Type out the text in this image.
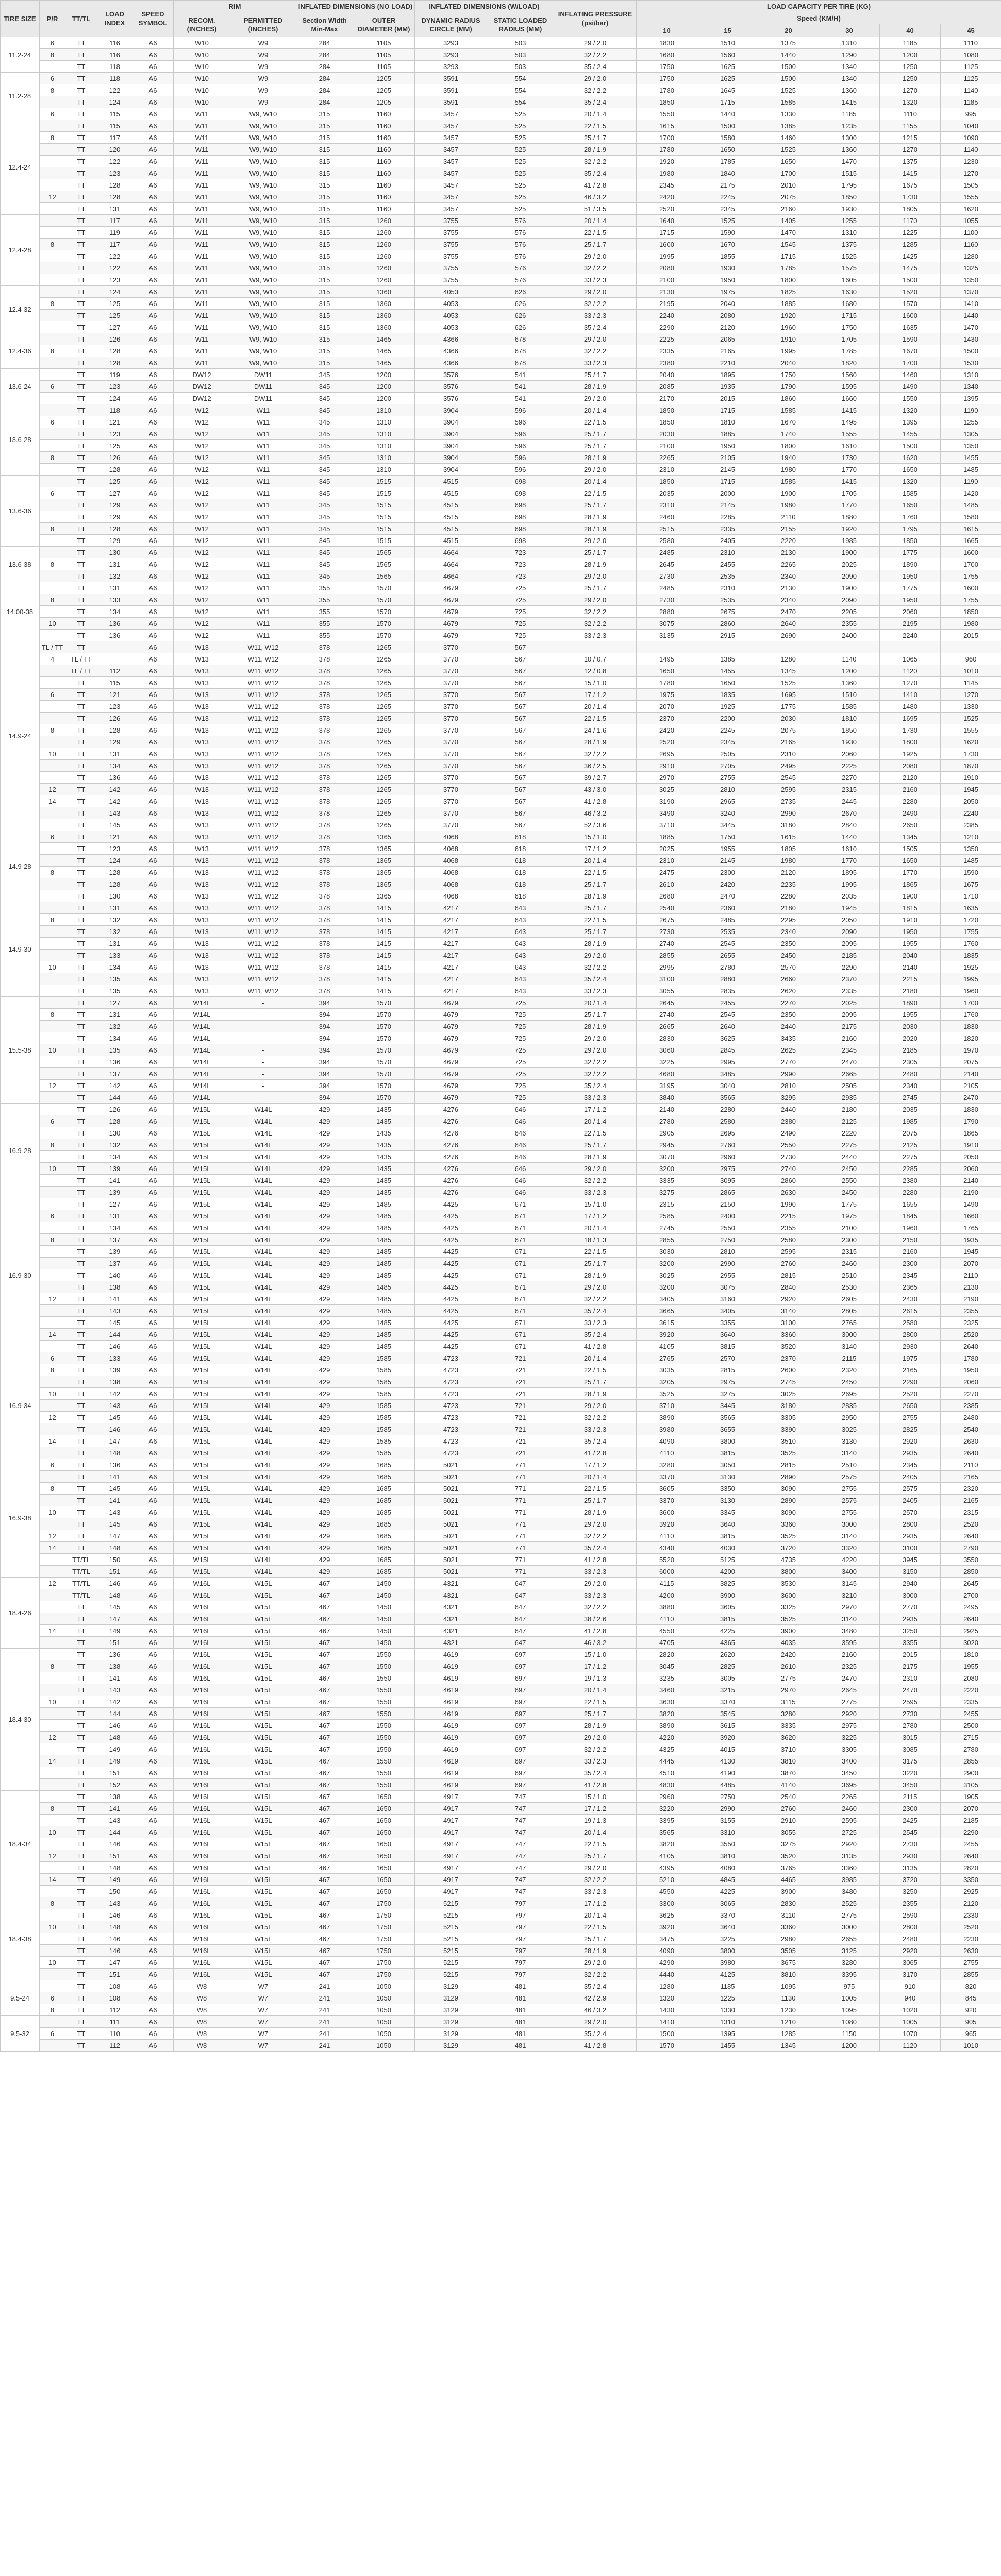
TIRE SIZE	P/R	TT/TL	LOAD INDEX	SPEED SYMBOL	RIM		INFLATED DIMENSIONS (NO LOAD)		INFLATED DIMENSIONS (W/LOAD)		INFLATING PRESSURE (psi/bar)	LOAD CAPACITY PER TIRE (KG)					
					RECOM. (INCHES)	PERMITTED (INCHES)	Section Width Min-Max	OUTER DIAMETER (MM)	DYNAMIC RADIUS CIRCLE (MM)	STATIC LOADED RADIUS (MM)		Speed (KM/H)					
												10	15	20	30	40	45
11.2-24	6	TT	116	A6	W10	W9	284	1105	3293	503	29 / 2.0	1830	1510	1375	1310	1185	1110
	8	TT	116	A6	W10	W9	284	1105	3293	503	32 / 2.2	1680	1560	1440	1290	1200	1080
		TT	118	A6	W10	W9	284	1105	3293	503	35 / 2.4	1750	1625	1500	1340	1250	1125
11.2-28	6	TT	118	A6	W10	W9	284	1205	3591	554	29 / 2.0	1750	1625	1500	1340	1250	1125
	8	TT	122	A6	W10	W9	284	1205	3591	554	32 / 2.2	1780	1645	1525	1360	1270	1140
		TT	124	A6	W10	W9	284	1205	3591	554	35 / 2.4	1850	1715	1585	1415	1320	1185
	6	TT	115	A6	W11	W9, W10	315	1160	3457	525	20 / 1.4	1550	1440	1330	1185	1110	995
12.4-24		TT	115	A6	W11	W9, W10	315	1160	3457	525	22 / 1.5	1615	1500	1385	1235	1155	1040
	8	TT	117	A6	W11	W9, W10	315	1160	3457	525	25 / 1.7	1700	1580	1460	1300	1215	1090
		TT	120	A6	W11	W9, W10	315	1160	3457	525	28 / 1.9	1780	1650	1525	1360	1270	1140
		TT	122	A6	W11	W9, W10	315	1160	3457	525	32 / 2.2	1920	1785	1650	1470	1375	1230
		TT	123	A6	W11	W9, W10	315	1160	3457	525	35 / 2.4	1980	1840	1700	1515	1415	1270
		TT	128	A6	W11	W9, W10	315	1160	3457	525	41 / 2.8	2345	2175	2010	1795	1675	1505
	12	TT	128	A6	W11	W9, W10	315	1160	3457	525	46 / 3.2	2420	2245	2075	1850	1730	1555
		TT	131	A6	W11	W9, W10	315	1160	3457	525	51 / 3.5	2520	2345	2160	1930	1805	1620
12.4-28		TT	117	A6	W11	W9, W10	315	1260	3755	576	20 / 1.4	1640	1525	1405	1255	1170	1055
		TT	119	A6	W11	W9, W10	315	1260	3755	576	22 / 1.5	1715	1590	1470	1310	1225	1100
	8	TT	117	A6	W11	W9, W10	315	1260	3755	576	25 / 1.7	1600	1670	1545	1375	1285	1160
		TT	122	A6	W11	W9, W10	315	1260	3755	576	29 / 2.0	1995	1855	1715	1525	1425	1280
		TT	122	A6	W11	W9, W10	315	1260	3755	576	32 / 2.2	2080	1930	1785	1575	1475	1325
		TT	123	A6	W11	W9, W10	315	1260	3755	576	33 / 2.3	2100	1950	1800	1605	1500	1350
12.4-32		TT	124	A6	W11	W9, W10	315	1360	4053	626	29 / 2.0	2130	1975	1825	1630	1520	1370
	8	TT	125	A6	W11	W9, W10	315	1360	4053	626	32 / 2.2	2195	2040	1885	1680	1570	1410
		TT	125	A6	W11	W9, W10	315	1360	4053	626	33 / 2.3	2240	2080	1920	1715	1600	1440
		TT	127	A6	W11	W9, W10	315	1360	4053	626	35 / 2.4	2290	2120	1960	1750	1635	1470
12.4-36		TT	126	A6	W11	W9, W10	315	1465	4366	678	29 / 2.0	2225	2065	1910	1705	1590	1430
	8	TT	128	A6	W11	W9, W10	315	1465	4366	678	32 / 2.2	2335	2165	1995	1785	1670	1500
		TT	128	A6	W11	W9, W10	315	1465	4366	678	33 / 2.3	2380	2210	2040	1820	1700	1530
13.6-24		TT	119	A6	DW12	DW11	345	1200	3576	541	25 / 1.7	2040	1895	1750	1560	1460	1310
	6	TT	123	A6	DW12	DW11	345	1200	3576	541	28 / 1.9	2085	1935	1790	1595	1490	1340
		TT	124	A6	DW12	DW11	345	1200	3576	541	29 / 2.0	2170	2015	1860	1660	1550	1395
13.6-28		TT	118	A6	W12	W11	345	1310	3904	596	20 / 1.4	1850	1715	1585	1415	1320	1190
	6	TT	121	A6	W12	W11	345	1310	3904	596	22 / 1.5	1850	1810	1670	1495	1395	1255
		TT	123	A6	W12	W11	345	1310	3904	596	25 / 1.7	2030	1885	1740	1555	1455	1305
		TT	125	A6	W12	W11	345	1310	3904	596	25 / 1.7	2100	1950	1800	1610	1500	1350
	8	TT	126	A6	W12	W11	345	1310	3904	596	28 / 1.9	2265	2105	1940	1730	1620	1455
		TT	128	A6	W12	W11	345	1310	3904	596	29 / 2.0	2310	2145	1980	1770	1650	1485
13.6-36		TT	125	A6	W12	W11	345	1515	4515	698	20 / 1.4	1850	1715	1585	1415	1320	1190
	6	TT	127	A6	W12	W11	345	1515	4515	698	22 / 1.5	2035	2000	1900	1705	1585	1420
		TT	129	A6	W12	W11	345	1515	4515	698	25 / 1.7	2310	2145	1980	1770	1650	1485
		TT	129	A6	W12	W11	345	1515	4515	698	28 / 1.9	2460	2285	2110	1880	1760	1580
	8	TT	128	A6	W12	W11	345	1515	4515	698	28 / 1.9	2515	2335	2155	1920	1795	1615
		TT	129	A6	W12	W11	345	1515	4515	698	29 / 2.0	2580	2405	2220	1985	1850	1665
13.6-38		TT	130	A6	W12	W11	345	1565	4664	723	25 / 1.7	2485	2310	2130	1900	1775	1600
	8	TT	131	A6	W12	W11	345	1565	4664	723	28 / 1.9	2645	2455	2265	2025	1890	1700
		TT	132	A6	W12	W11	345	1565	4664	723	29 / 2.0	2730	2535	2340	2090	1950	1755
14.00-38		TT	131	A6	W12	W11	355	1570	4679	725	25 / 1.7	2485	2310	2130	1900	1775	1600
	8	TT	133	A6	W12	W11	355	1570	4679	725	29 / 2.0	2730	2535	2340	2090	1950	1755
		TT	134	A6	W12	W11	355	1570	4679	725	32 / 2.2	2880	2675	2470	2205	2060	1850
	10	TT	136	A6	W12	W11	355	1570	4679	725	32 / 2.2	3075	2860	2640	2355	2195	1980
		TT	136	A6	W12	W11	355	1570	4679	725	33 / 2.3	3135	2915	2690	2400	2240	2015
14.9-24	TL / TT	TT		A6	W13	W11, W12	378	1265	3770	567							
	4	TL / TT		A6	W13	W11, W12	378	1265	3770	567	10 / 0.7	1495	1385	1280	1140	1065	960
		TL / TT	112	A6	W13	W11, W12	378	1265	3770	567	12 / 0.8	1650	1455	1345	1200	1120	1010
		TT	115	A6	W13	W11, W12	378	1265	3770	567	15 / 1.0	1780	1650	1525	1360	1270	1145
	6	TT	121	A6	W13	W11, W12	378	1265	3770	567	17 / 1.2	1975	1835	1695	1510	1410	1270
		TT	123	A6	W13	W11, W12	378	1265	3770	567	20 / 1.4	2070	1925	1775	1585	1480	1330
		TT	126	A6	W13	W11, W12	378	1265	3770	567	22 / 1.5	2370	2200	2030	1810	1695	1525
	8	TT	128	A6	W13	W11, W12	378	1265	3770	567	24 / 1.6	2420	2245	2075	1850	1730	1555
		TT	129	A6	W13	W11, W12	378	1265	3770	567	28 / 1.9	2520	2345	2165	1930	1800	1620
	10	TT	131	A6	W13	W11, W12	378	1265	3770	567	32 / 2.2	2695	2505	2310	2060	1925	1730
		TT	134	A6	W13	W11, W12	378	1265	3770	567	36 / 2.5	2910	2705	2495	2225	2080	1870
		TT	136	A6	W13	W11, W12	378	1265	3770	567	39 / 2.7	2970	2755	2545	2270	2120	1910
	12	TT	142	A6	W13	W11, W12	378	1265	3770	567	43 / 3.0	3025	2810	2595	2315	2160	1945
	14	TT	142	A6	W13	W11, W12	378	1265	3770	567	41 / 2.8	3190	2965	2735	2445	2280	2050
		TT	143	A6	W13	W11, W12	378	1265	3770	567	46 / 3.2	3490	3240	2990	2670	2490	2240
		TT	145	A6	W13	W11, W12	378	1265	3770	567	52 / 3.6	3710	3445	3180	2840	2650	2385
14.9-28	6	TT	121	A6	W13	W11, W12	378	1365	4068	618	15 / 1.0	1885	1750	1615	1440	1345	1210
		TT	123	A6	W13	W11, W12	378	1365	4068	618	17 / 1.2	2025	1955	1805	1610	1505	1350
		TT	124	A6	W13	W11, W12	378	1365	4068	618	20 / 1.4	2310	2145	1980	1770	1650	1485
	8	TT	128	A6	W13	W11, W12	378	1365	4068	618	22 / 1.5	2475	2300	2120	1895	1770	1590
		TT	128	A6	W13	W11, W12	378	1365	4068	618	25 / 1.7	2610	2420	2235	1995	1865	1675
		TT	130	A6	W13	W11, W12	378	1365	4068	618	28 / 1.9	2680	2470	2280	2035	1900	1710
14.9-30		TT	131	A6	W13	W11, W12	378	1415	4217	643	25 / 1.7	2540	2360	2180	1945	1815	1635
	8	TT	132	A6	W13	W11, W12	378	1415	4217	643	22 / 1.5	2675	2485	2295	2050	1910	1720
		TT	132	A6	W13	W11, W12	378	1415	4217	643	25 / 1.7	2730	2535	2340	2090	1950	1755
		TT	131	A6	W13	W11, W12	378	1415	4217	643	28 / 1.9	2740	2545	2350	2095	1955	1760
		TT	133	A6	W13	W11, W12	378	1415	4217	643	29 / 2.0	2855	2655	2450	2185	2040	1835
	10	TT	134	A6	W13	W11, W12	378	1415	4217	643	32 / 2.2	2995	2780	2570	2290	2140	1925
		TT	135	A6	W13	W11, W12	378	1415	4217	643	35 / 2.4	3100	2880	2660	2370	2215	1995
		TT	135	A6	W13	W11, W12	378	1415	4217	643	33 / 2.3	3055	2835	2620	2335	2180	1960
15.5-38		TT	127	A6	W14L	-	394	1570	4679	725	20 / 1.4	2645	2455	2270	2025	1890	1700
	8	TT	131	A6	W14L	-	394	1570	4679	725	25 / 1.7	2740	2545	2350	2095	1955	1760
		TT	132	A6	W14L	-	394	1570	4679	725	28 / 1.9	2665	2640	2440	2175	2030	1830
		TT	134	A6	W14L	-	394	1570	4679	725	29 / 2.0	2830	3625	3435	2160	2020	1820
	10	TT	135	A6	W14L	-	394	1570	4679	725	29 / 2.0	3060	2845	2625	2345	2185	1970
		TT	136	A6	W14L	-	394	1570	4679	725	32 / 2.2	3225	2995	2770	2470	2305	2075
		TT	137	A6	W14L	-	394	1570	4679	725	32 / 2.2	4680	3485	2990	2665	2480	2140
	12	TT	142	A6	W14L	-	394	1570	4679	725	35 / 2.4	3195	3040	2810	2505	2340	2105
		TT	144	A6	W14L	-	394	1570	4679	725	33 / 2.3	3840	3565	3295	2935	2745	2470
16.9-28		TT	126	A6	W15L	W14L	429	1435	4276	646	17 / 1.2	2140	2280	2440	2180	2035	1830
	6	TT	128	A6	W15L	W14L	429	1435	4276	646	20 / 1.4	2780	2580	2380	2125	1985	1790
		TT	130	A6	W15L	W14L	429	1435	4276	646	22 / 1.5	2905	2695	2490	2220	2075	1865
	8	TT	132	A6	W15L	W14L	429	1435	4276	646	25 / 1.7	2945	2760	2550	2275	2125	1910
		TT	134	A6	W15L	W14L	429	1435	4276	646	28 / 1.9	3070	2960	2730	2440	2275	2050
	10	TT	139	A6	W15L	W14L	429	1435	4276	646	29 / 2.0	3200	2975	2740	2450	2285	2060
		TT	141	A6	W15L	W14L	429	1435	4276	646	32 / 2.2	3335	3095	2860	2550	2380	2140
		TT	139	A6	W15L	W14L	429	1435	4276	646	33 / 2.3	3275	2865	2630	2450	2280	2190
16.9-30		TT	127	A6	W15L	W14L	429	1485	4425	671	15 / 1.0	2315	2150	1990	1775	1655	1490
	6	TT	131	A6	W15L	W14L	429	1485	4425	671	17 / 1.2	2585	2400	2215	1975	1845	1660
		TT	134	A6	W15L	W14L	429	1485	4425	671	20 / 1.4	2745	2550	2355	2100	1960	1765
	8	TT	137	A6	W15L	W14L	429	1485	4425	671	18 / 1.3	2855	2750	2580	2300	2150	1935
		TT	139	A6	W15L	W14L	429	1485	4425	671	22 / 1.5	3030	2810	2595	2315	2160	1945
		TT	137	A6	W15L	W14L	429	1485	4425	671	25 / 1.7	3200	2990	2760	2460	2300	2070
		TT	140	A6	W15L	W14L	429	1485	4425	671	28 / 1.9	3025	2955	2815	2510	2345	2110
		TT	138	A6	W15L	W14L	429	1485	4425	671	29 / 2.0	3200	3075	2840	2530	2365	2130
	12	TT	141	A6	W15L	W14L	429	1485	4425	671	32 / 2.2	3405	3160	2920	2605	2430	2190
		TT	143	A6	W15L	W14L	429	1485	4425	671	35 / 2.4	3665	3405	3140	2805	2615	2355
		TT	145	A6	W15L	W14L	429	1485	4425	671	33 / 2.3	3615	3355	3100	2765	2580	2325
	14	TT	144	A6	W15L	W14L	429	1485	4425	671	35 / 2.4	3920	3640	3360	3000	2800	2520
		TT	146	A6	W15L	W14L	429	1485	4425	671	41 / 2.8	4105	3815	3520	3140	2930	2640
16.9-34	6	TT	133	A6	W15L	W14L	429	1585	4723	721	20 / 1.4	2765	2570	2370	2115	1975	1780
	8	TT	139	A6	W15L	W14L	429	1585	4723	721	22 / 1.5	3035	2815	2600	2320	2165	1950
		TT	138	A6	W15L	W14L	429	1585	4723	721	25 / 1.7	3205	2975	2745	2450	2290	2060
	10	TT	142	A6	W15L	W14L	429	1585	4723	721	28 / 1.9	3525	3275	3025	2695	2520	2270
		TT	143	A6	W15L	W14L	429	1585	4723	721	29 / 2.0	3710	3445	3180	2835	2650	2385
	12	TT	145	A6	W15L	W14L	429	1585	4723	721	32 / 2.2	3890	3565	3305	2950	2755	2480
		TT	146	A6	W15L	W14L	429	1585	4723	721	33 / 2.3	3980	3655	3390	3025	2825	2540
	14	TT	147	A6	W15L	W14L	429	1585	4723	721	35 / 2.4	4090	3800	3510	3130	2920	2630
		TT	148	A6	W15L	W14L	429	1585	4723	721	41 / 2.8	4110	3815	3525	3140	2935	2640
16.9-38	6	TT	136	A6	W15L	W14L	429	1685	5021	771	17 / 1.2	3280	3050	2815	2510	2345	2110
		TT	141	A6	W15L	W14L	429	1685	5021	771	20 / 1.4	3370	3130	2890	2575	2405	2165
	8	TT	145	A6	W15L	W14L	429	1685	5021	771	22 / 1.5	3605	3350	3090	2755	2575	2320
		TT	141	A6	W15L	W14L	429	1685	5021	771	25 / 1.7	3370	3130	2890	2575	2405	2165
	10	TT	143	A6	W15L	W14L	429	1685	5021	771	28 / 1.9	3600	3345	3090	2755	2570	2315
		TT	145	A6	W15L	W14L	429	1685	5021	771	29 / 2.0	3920	3640	3360	3000	2800	2520
	12	TT	147	A6	W15L	W14L	429	1685	5021	771	32 / 2.2	4110	3815	3525	3140	2935	2640
	14	TT	148	A6	W15L	W14L	429	1685	5021	771	35 / 2.4	4340	4030	3720	3320	3100	2790
		TT/TL	150	A6	W15L	W14L	429	1685	5021	771	41 / 2.8	5520	5125	4735	4220	3945	3550
		TT/TL	151	A6	W15L	W14L	429	1685	5021	771	33 / 2.3	6000	4200	3800	3400	3150	2850
18.4-26	12	TT/TL	146	A6	W16L	W15L	467	1450	4321	647	29 / 2.0	4115	3825	3530	3145	2940	2645
		TT/TL	148	A6	W16L	W15L	467	1450	4321	647	33 / 2.3	4200	3900	3600	3210	3000	2700
		TT	145	A6	W16L	W15L	467	1450	4321	647	32 / 2.2	3880	3605	3325	2970	2770	2495
		TT	147	A6	W16L	W15L	467	1450	4321	647	38 / 2.6	4110	3815	3525	3140	2935	2640
	14	TT	149	A6	W16L	W15L	467	1450	4321	647	41 / 2.8	4550	4225	3900	3480	3250	2925
		TT	151	A6	W16L	W15L	467	1450	4321	647	46 / 3.2	4705	4365	4035	3595	3355	3020
18.4-30		TT	136	A6	W16L	W15L	467	1550	4619	697	15 / 1.0	2820	2620	2420	2160	2015	1810
	8	TT	138	A6	W16L	W15L	467	1550	4619	697	17 / 1.2	3045	2825	2610	2325	2175	1955
		TT	141	A6	W16L	W15L	467	1550	4619	697	19 / 1.3	3235	3005	2775	2470	2310	2080
		TT	143	A6	W16L	W15L	467	1550	4619	697	20 / 1.4	3460	3215	2970	2645	2470	2220
	10	TT	142	A6	W16L	W15L	467	1550	4619	697	22 / 1.5	3630	3370	3115	2775	2595	2335
		TT	144	A6	W16L	W15L	467	1550	4619	697	25 / 1.7	3820	3545	3280	2920	2730	2455
		TT	146	A6	W16L	W15L	467	1550	4619	697	28 / 1.9	3890	3615	3335	2975	2780	2500
	12	TT	148	A6	W16L	W15L	467	1550	4619	697	29 / 2.0	4220	3920	3620	3225	3015	2715
		TT	149	A6	W16L	W15L	467	1550	4619	697	32 / 2.2	4325	4015	3710	3305	3085	2780
	14	TT	149	A6	W16L	W15L	467	1550	4619	697	33 / 2.3	4445	4130	3810	3400	3175	2855
		TT	151	A6	W16L	W15L	467	1550	4619	697	35 / 2.4	4510	4190	3870	3450	3220	2900
		TT	152	A6	W16L	W15L	467	1550	4619	697	41 / 2.8	4830	4485	4140	3695	3450	3105
18.4-34		TT	138	A6	W16L	W15L	467	1650	4917	747	15 / 1.0	2960	2750	2540	2265	2115	1905
	8	TT	141	A6	W16L	W15L	467	1650	4917	747	17 / 1.2	3220	2990	2760	2460	2300	2070
		TT	143	A6	W16L	W15L	467	1650	4917	747	19 / 1.3	3395	3155	2910	2595	2425	2185
	10	TT	144	A6	W16L	W15L	467	1650	4917	747	20 / 1.4	3565	3310	3055	2725	2545	2290
		TT	146	A6	W16L	W15L	467	1650	4917	747	22 / 1.5	3820	3550	3275	2920	2730	2455
	12	TT	151	A6	W16L	W15L	467	1650	4917	747	25 / 1.7	4105	3810	3520	3135	2930	2640
		TT	148	A6	W16L	W15L	467	1650	4917	747	29 / 2.0	4395	4080	3765	3360	3135	2820
	14	TT	149	A6	W16L	W15L	467	1650	4917	747	32 / 2.2	5210	4845	4465	3985	3720	3350
		TT	150	A6	W16L	W15L	467	1650	4917	747	33 / 2.3	4550	4225	3900	3480	3250	2925
18.4-38	8	TT	143	A6	W16L	W15L	467	1750	5215	797	17 / 1.2	3300	3065	2830	2525	2355	2120
		TT	146	A6	W16L	W15L	467	1750	5215	797	20 / 1.4	3625	3370	3110	2775	2590	2330
	10	TT	148	A6	W16L	W15L	467	1750	5215	797	22 / 1.5	3920	3640	3360	3000	2800	2520
		TT	146	A6	W16L	W15L	467	1750	5215	797	25 / 1.7	3475	3225	2980	2655	2480	2230
		TT	146	A6	W16L	W15L	467	1750	5215	797	28 / 1.9	4090	3800	3505	3125	2920	2630
	10	TT	147	A6	W16L	W15L	467	1750	5215	797	29 / 2.0	4290	3980	3675	3280	3065	2755
		TT	151	A6	W16L	W15L	467	1750	5215	797	32 / 2.2	4440	4125	3810	3395	3170	2855
9.5-24		TT	108	A6	W8	W7	241	1050	3129	481	35 / 2.4	1280	1185	1095	975	910	820
	6	TT	108	A6	W8	W7	241	1050	3129	481	42 / 2.9	1320	1225	1130	1005	940	845
	8	TT	112	A6	W8	W7	241	1050	3129	481	46 / 3.2	1430	1330	1230	1095	1020	920
9.5-32		TT	111	A6	W8	W7	241	1050	3129	481	29 / 2.0	1410	1310	1210	1080	1005	905
	6	TT	110	A6	W8	W7	241	1050	3129	481	35 / 2.4	1500	1395	1285	1150	1070	965
		TT	112	A6	W8	W7	241	1050	3129	481	41 / 2.8	1570	1455	1345	1200	1120	1010
